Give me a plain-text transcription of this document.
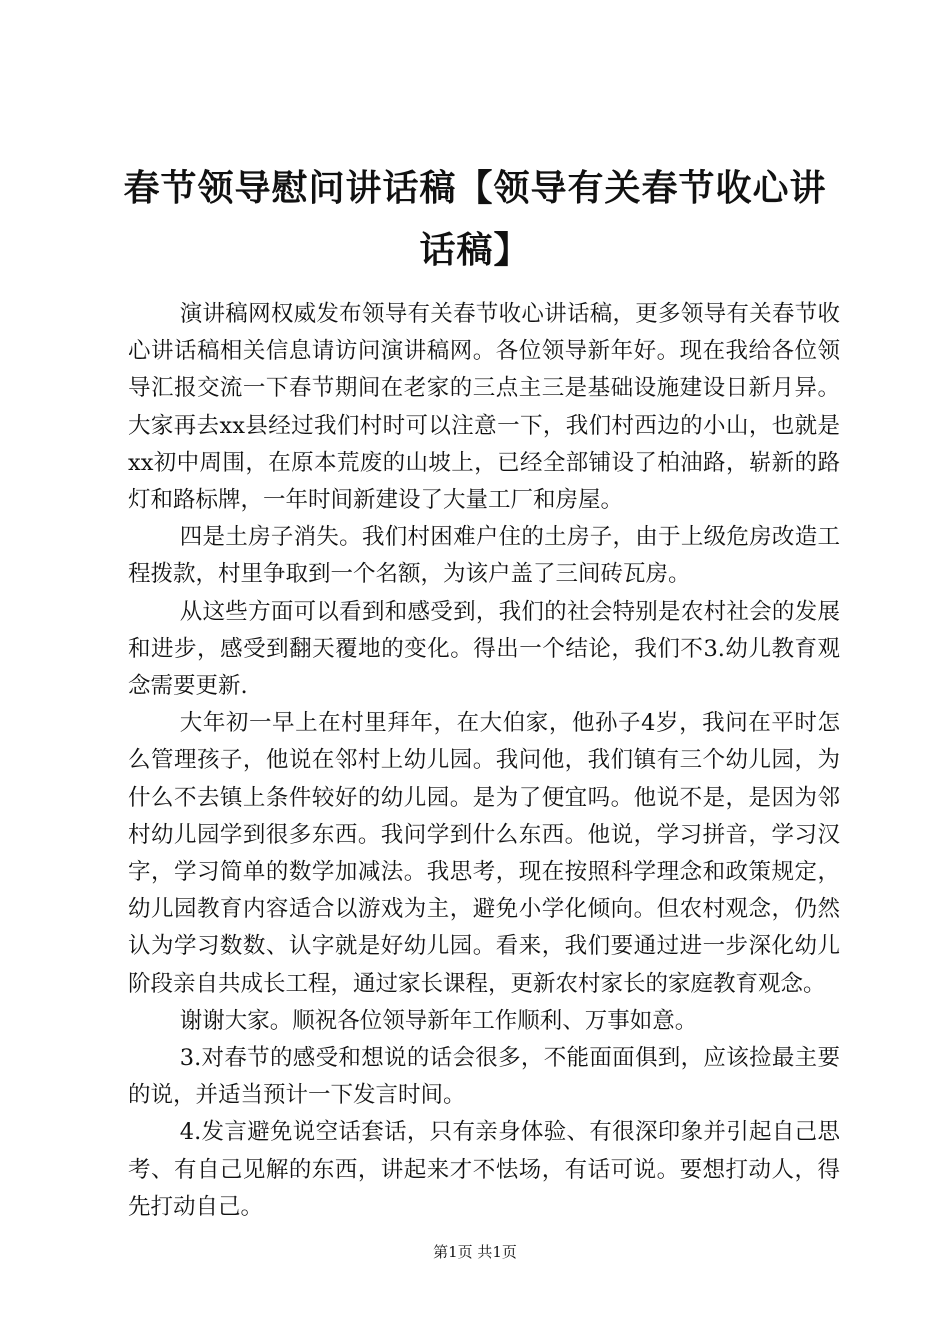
春节领导慰问讲话稿【领导有关春节收心讲话稿】

演讲稿网权威发布领导有关春节收心讲话稿，更多领导有关春节收心讲话稿相关信息请访问演讲稿网。各位领导新年好。现在我给各位领导汇报交流一下春节期间在老家的三点主三是基础设施建设日新月异。大家再去xx县经过我们村时可以注意一下，我们村西边的小山，也就是xx初中周围，在原本荒废的山坡上，已经全部铺设了柏油路，崭新的路灯和路标牌，一年时间新建设了大量工厂和房屋。

四是土房子消失。我们村困难户住的土房子，由于上级危房改造工程拨款，村里争取到一个名额，为该户盖了三间砖瓦房。

从这些方面可以看到和感受到，我们的社会特别是农村社会的发展和进步，感受到翻天覆地的变化。得出一个结论，我们不3.幼儿教育观念需要更新.

大年初一早上在村里拜年，在大伯家，他孙子4岁，我问在平时怎么管理孩子，他说在邻村上幼儿园。我问他，我们镇有三个幼儿园，为什么不去镇上条件较好的幼儿园。是为了便宜吗。他说不是，是因为邻村幼儿园学到很多东西。我问学到什么东西。他说，学习拼音，学习汉字，学习简单的数学加减法。我思考，现在按照科学理念和政策规定，幼儿园教育内容适合以游戏为主，避免小学化倾向。但农村观念，仍然认为学习数数、认字就是好幼儿园。看来，我们要通过进一步深化幼儿阶段亲自共成长工程，通过家长课程，更新农村家长的家庭教育观念。

谢谢大家。顺祝各位领导新年工作顺利、万事如意。

3.对春节的感受和想说的话会很多，不能面面俱到，应该捡最主要的说，并适当预计一下发言时间。

4.发言避免说空话套话，只有亲身体验、有很深印象并引起自己思考、有自己见解的东西，讲起来才不怯场，有话可说。要想打动人，得先打动自己。

第1页 共1页
